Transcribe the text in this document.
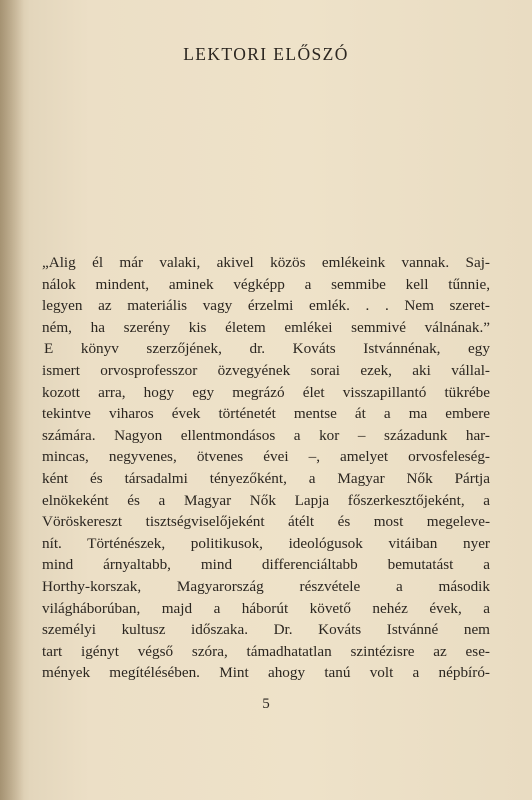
LEKTORI ELŐSZÓ
„Alig él már valaki, akivel közös emlékeink vannak. Saj-
nálok mindent, aminek végképp a semmibe kell tűnnie,
legyen az materiális vagy érzelmi emlék. . . Nem szeret-
ném, ha szerény kis életem emlékei semmivé válnának.”
E könyv szerzőjének, dr. Kováts Istvánnénak, egy
ismert orvosprofesszor özvegyének sorai ezek, aki vállal-
kozott arra, hogy egy megrázó élet visszapillantó tükrébe
tekintve viharos évek történetét mentse át a ma embere
számára. Nagyon ellentmondásos a kor – századunk har-
mincas, negyvenes, ötvenes évei –, amelyet orvosfeleség-
ként és társadalmi tényezőként, a Magyar Nők Pártja
elnökeként és a Magyar Nők Lapja főszerkesztőjeként, a
Vöröskereszt tisztségviselőjeként átélt és most megeleve-
nít. Történészek, politikusok, ideológusok vitáiban nyer
mind árnyaltabb, mind differenciáltabb bemutatást a
Horthy-korszak, Magyarország részvétele a második
világháborúban, majd a háborút követő nehéz évek, a
személyi kultusz időszaka. Dr. Kováts Istvánné nem
tart igényt végső szóra, támadhatatlan szintézisre az ese-
mények megítélésében. Mint ahogy tanú volt a népbíró-
5
